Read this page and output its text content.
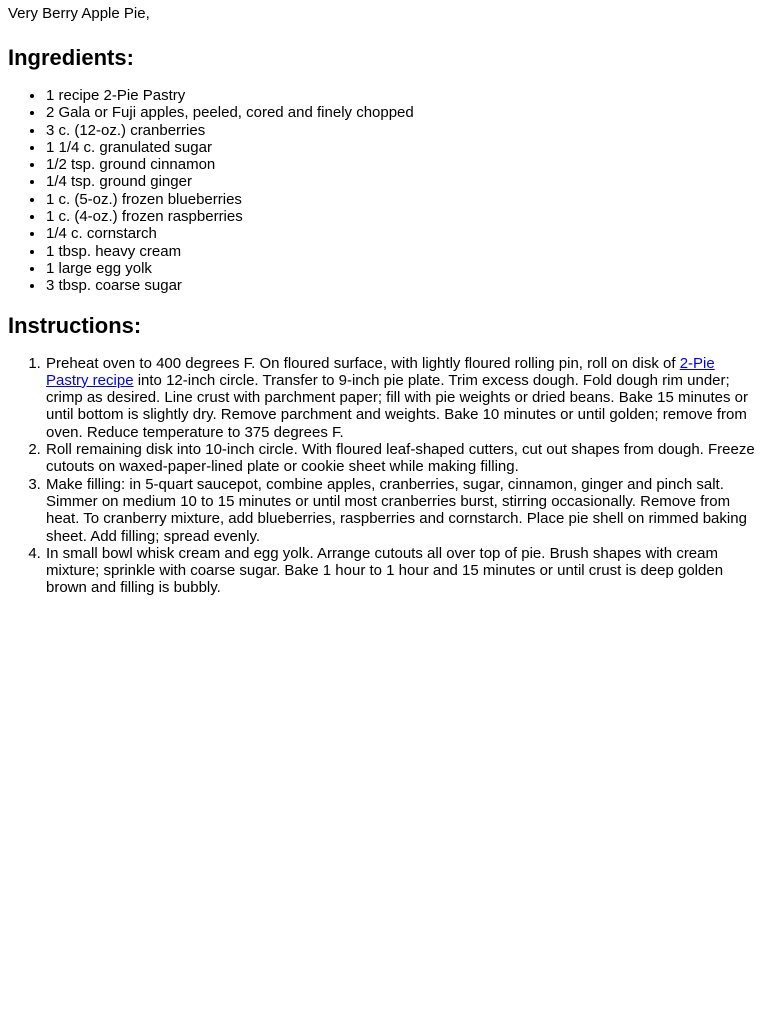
Very Berry Apple Pie,

Ingredients:
• 1 recipe 2-Pie Pastry
• 2 Gala or Fuji apples, peeled, cored and finely chopped
• 3 c. (12-oz.) cranberries
• 1 1/4 c. granulated sugar
• 1/2 tsp. ground cinnamon
• 1/4 tsp. ground ginger
• 1 c. (5-oz.) frozen blueberries
• 1 c. (4-oz.) frozen raspberries
• 1/4 c. cornstarch
• 1 tbsp. heavy cream
• 1 large egg yolk
• 3 tbsp. coarse sugar
Instructions:
1. Preheat oven to 400 degrees F. On floured surface, with lightly floured rolling pin, roll on disk of 2-Pie Pastry recipe into 12-inch circle. Transfer to 9-inch pie plate. Trim excess dough. Fold dough rim under; crimp as desired. Line crust with parchment paper; fill with pie weights or dried beans. Bake 15 minutes or until bottom is slightly dry. Remove parchment and weights. Bake 10 minutes or until golden; remove from oven. Reduce temperature to 375 degrees F.
2. Roll remaining disk into 10-inch circle. With floured leaf-shaped cutters, cut out shapes from dough. Freeze cutouts on waxed-paper-lined plate or cookie sheet while making filling.
3. Make filling: in 5-quart saucepot, combine apples, cranberries, sugar, cinnamon, ginger and pinch salt. Simmer on medium 10 to 15 minutes or until most cranberries burst, stirring occasionally. Remove from heat. To cranberry mixture, add blueberries, raspberries and cornstarch. Place pie shell on rimmed baking sheet. Add filling; spread evenly.
4. In small bowl whisk cream and egg yolk. Arrange cutouts all over top of pie. Brush shapes with cream mixture; sprinkle with coarse sugar. Bake 1 hour to 1 hour and 15 minutes or until crust is deep golden brown and filling is bubbly.
